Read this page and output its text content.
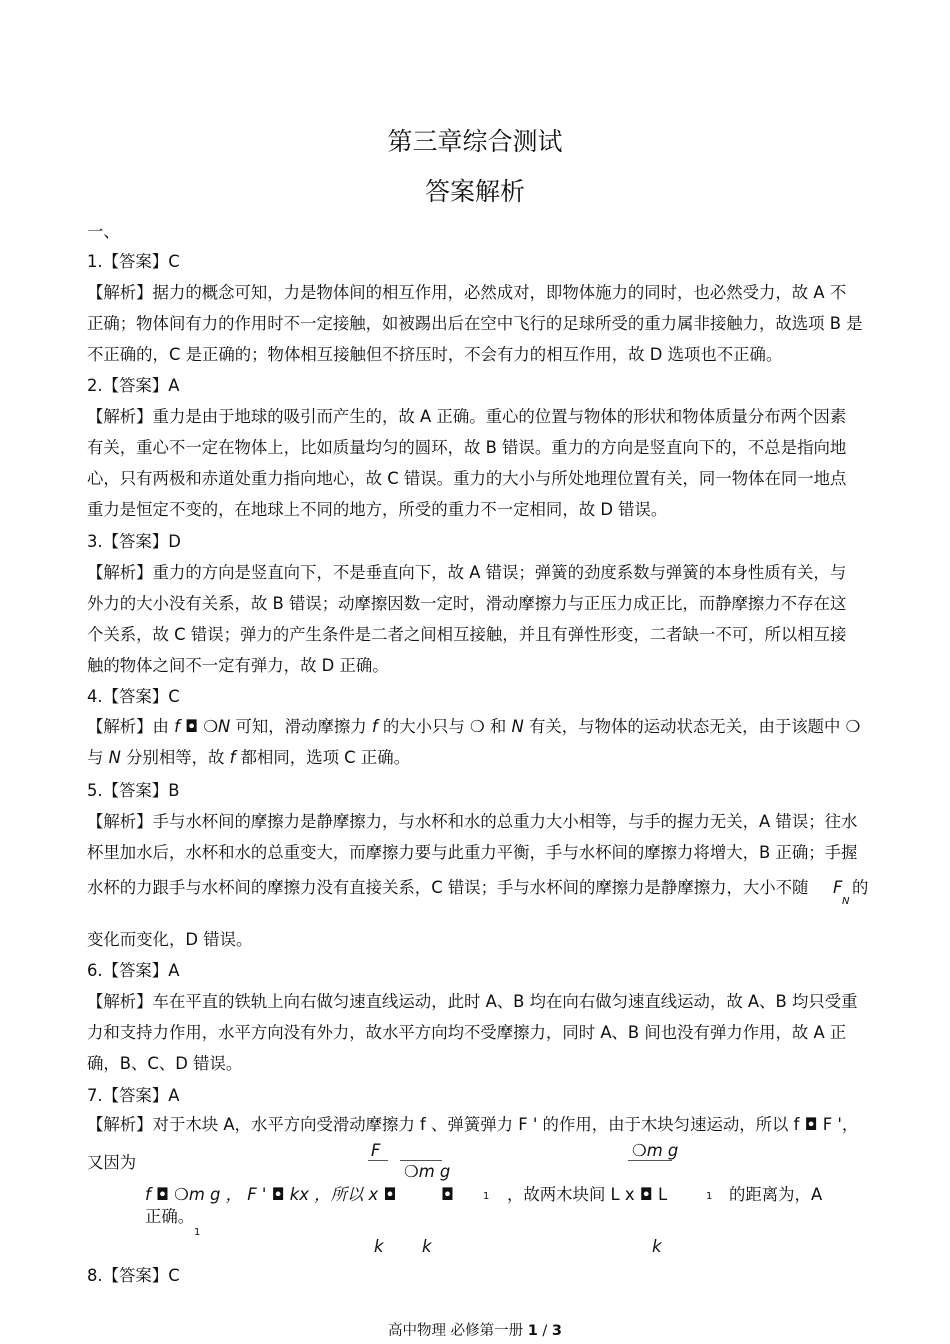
第三章综合测试
答案解析
一、
1.【答案】C
【解析】据力的概念可知，力是物体间的相互作用，必然成对，即物体施力的同时，也必然受力，故 A 不
正确；物体间有力的作用时不一定接触，如被踢出后在空中飞行的足球所受的重力属非接触力，故选项 B 是
不正确的，C 是正确的；物体相互接触但不挤压时，不会有力的相互作用，故 D 选项也不正确。
2.【答案】A
【解析】重力是由于地球的吸引而产生的，故 A 正确。重心的位置与物体的形状和物体质量分布两个因素
有关，重心不一定在物体上，比如质量均匀的圆环，故 B 错误。重力的方向是竖直向下的，不总是指向地
心，只有两极和赤道处重力指向地心，故 C 错误。重力的大小与所处地理位置有关，同一物体在同一地点
重力是恒定不变的，在地球上不同的地方，所受的重力不一定相同，故 D 错误。
3.【答案】D
【解析】重力的方向是竖直向下，不是垂直向下，故 A 错误；弹簧的劲度系数与弹簧的本身性质有关，与
外力的大小没有关系，故 B 错误；动摩擦因数一定时，滑动摩擦力与正压力成正比，而静摩擦力不存在这
个关系，故 C 错误；弹力的产生条件是二者之间相互接触，并且有弹性形变，二者缺一不可，所以相互接
触的物体之间不一定有弹力，故 D 正确。
4.【答案】C
【解析】由 f ◘ ❍N 可知，滑动摩擦力 f 的大小只与 ❍ 和 N 有关，与物体的运动状态无关，由于该题中 ❍
与 N 分别相等，故 f 都相同，选项 C 正确。
5.【答案】B
【解析】手与水杯间的摩擦力是静摩擦力，与水杯和水的总重力大小相等，与手的握力无关，A 错误；往水
杯里加水后，水杯和水的总重变大，而摩擦力要与此重力平衡，手与水杯间的摩擦力将增大，B 正确；手握
水杯的力跟手与水杯间的摩擦力没有直接关系，C 错误；手与水杯间的摩擦力是静摩擦力，大小不随 F
N
的
变化而变化，D 错误。
6.【答案】A
【解析】车在平直的铁轨上向右做匀速直线运动，此时 A、B 均在向右做匀速直线运动，故 A、B 均只受重
力和支持力作用，水平方向没有外力，故水平方向均不受摩擦力，同时 A、B 间也没有弹力作用，故 A 正
确，B、C、D 错误。
7.【答案】A
【解析】对于木块 A，水平方向受滑动摩擦力 f 、弹簧弹力 F ' 的作用，由于木块匀速运动，所以 f ◘ F '，
又因为
F
❍m g
❍m g
f ◘ ❍m g ， F ' ◘ kx ，所以 x ◘	◘	1 ，故两木块间 L x ◘ L	1 的距离为，A
正确。
1
k k	k
8.【答案】C
高中物理 必修第一册 1 / 3
